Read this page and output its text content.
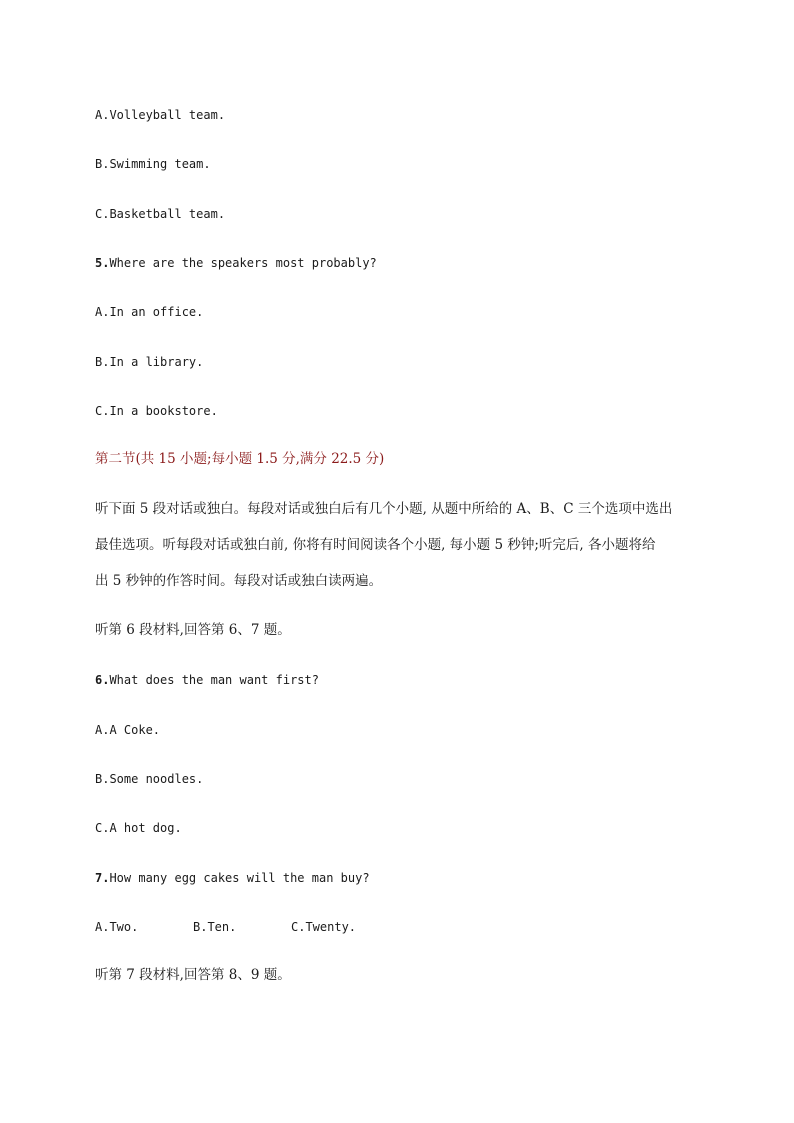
A.Volleyball team.
B.Swimming team.
C.Basketball team.
5.Where are the speakers most probably?
A.In an office.
B.In a library.
C.In a bookstore.
第二节(共 15 小题;每小题 1.5 分,满分 22.5 分)
听下面 5 段对话或独白。每段对话或独白后有几个小题, 从题中所给的 A、B、C 三个选项中选出
最佳选项。听每段对话或独白前, 你将有时间阅读各个小题, 每小题 5 秒钟;听完后, 各小题将给
出 5 秒钟的作答时间。每段对话或独白读两遍。
听第 6 段材料,回答第 6、7 题。
6.What does the man want first?
A.A Coke.
B.Some noodles.
C.A hot dog.
7.How many egg cakes will the man buy?
A.Two.	B.Ten.	C.Twenty.
听第 7 段材料,回答第 8、9 题。
